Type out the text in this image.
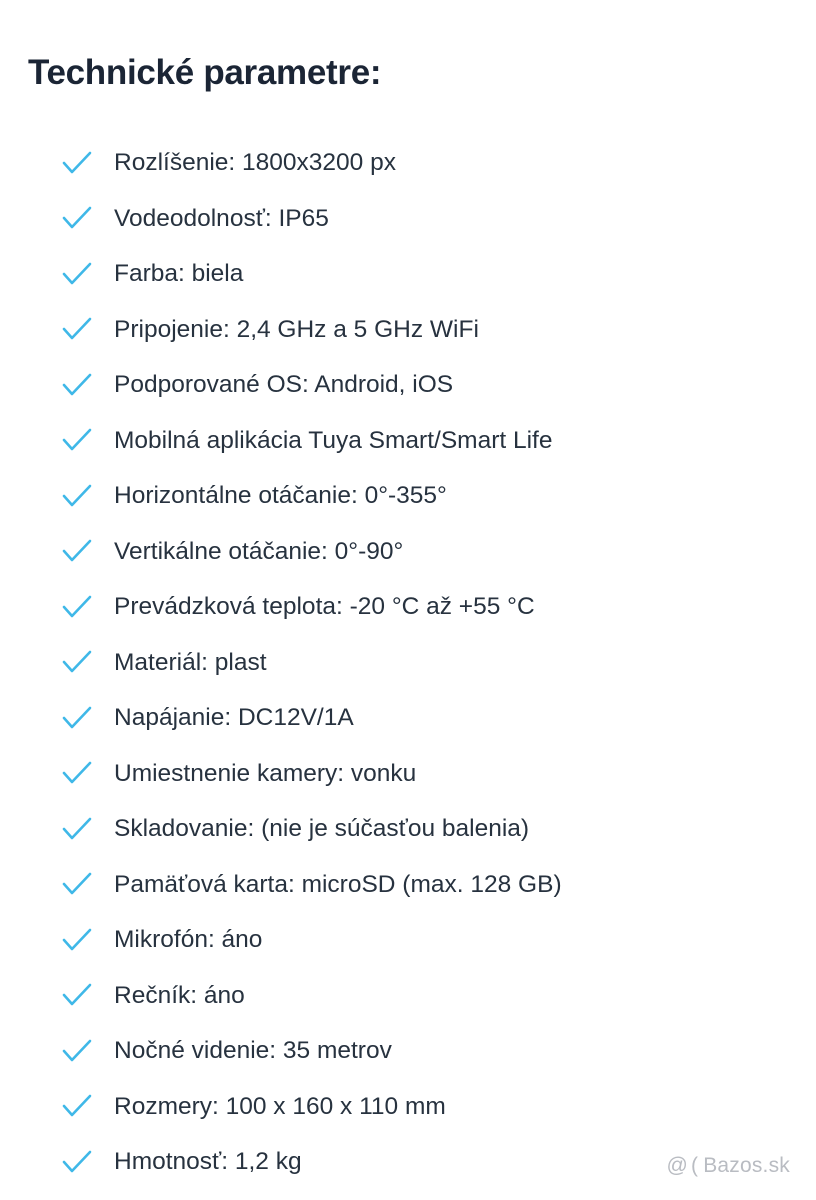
Technické parametre:
Rozlíšenie: 1800x3200 px
Vodeodolnosť: IP65
Farba: biela
Pripojenie: 2,4 GHz a 5 GHz WiFi
Podporované OS: Android, iOS
Mobilná aplikácia Tuya Smart/Smart Life
Horizontálne otáčanie: 0°-355°
Vertikálne otáčanie: 0°-90°
Prevádzková teplota: -20 °C až +55 °C
Materiál: plast
Napájanie: DC12V/1A
Umiestnenie kamery: vonku
Skladovanie: (nie je súčasťou balenia)
Pamäťová karta: microSD (max. 128 GB)
Mikrofón: áno
Rečník: áno
Nočné videnie: 35 metrov
Rozmery: 100 x 160 x 110 mm
Hmotnosť: 1,2 kg	@ ( Bazos.sk
